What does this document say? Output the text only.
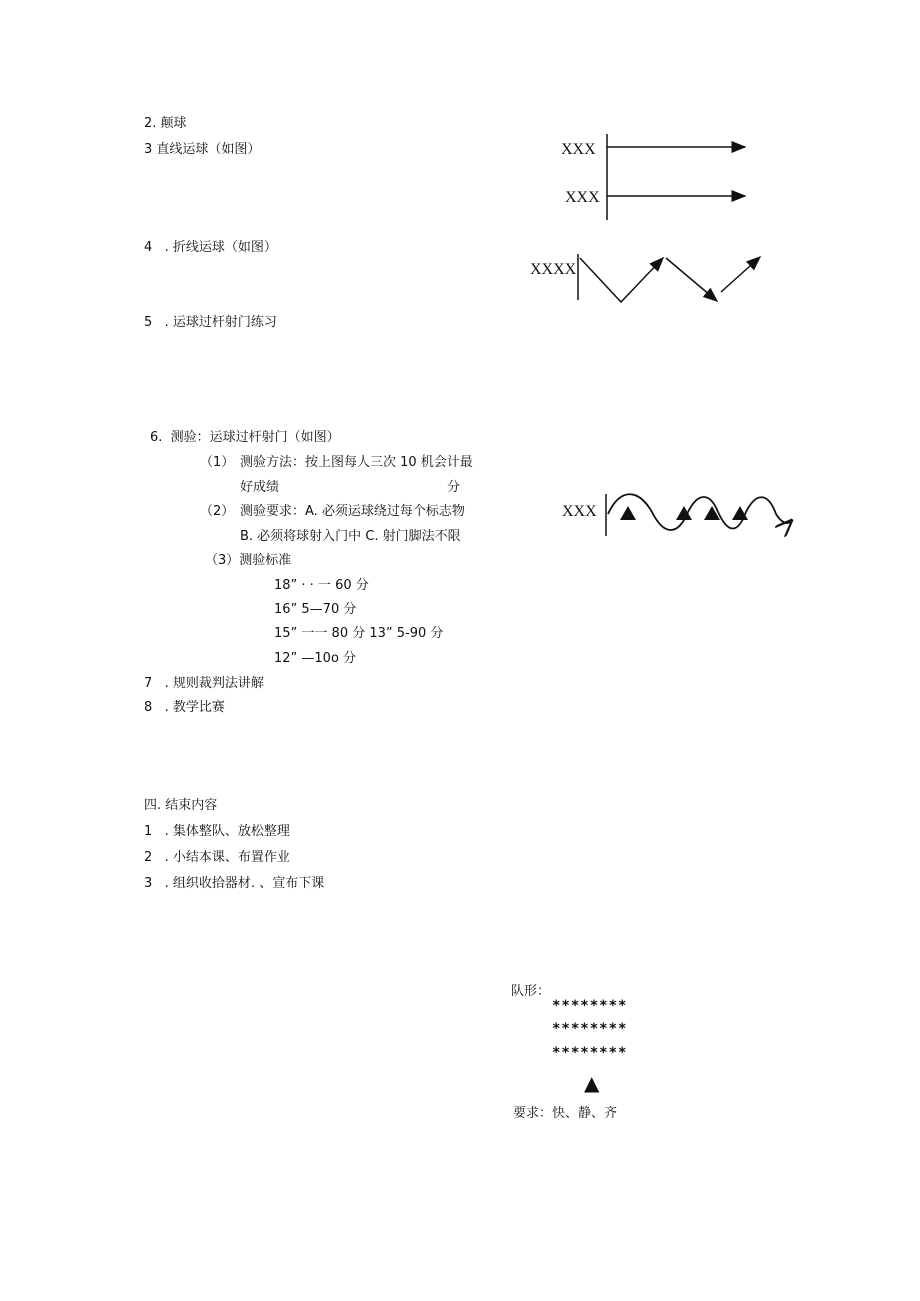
2. 颠球
3 直线运球（如图）
4   . 折线运球（如图）
5   . 运球过杆射门练习
XXX
XXX
XXXX
6.  测验：运球过杆射门（如图）
（1） 测验方法：按上图每人三次 10 机会计最
好成绩	分
（2） 测验要求：A. 必须运球绕过每个标志物
B. 必须将球射入门中 C. 射门脚法不限
（3）测验标准
18” · · 一 60 分
16” 5—70 分
15” 一一 80 分 13” 5-90 分
12” —10o 分
XXX
7   . 规则裁判法讲解
8   . 教学比赛
四. 结束内容
1   . 集体整队、放松整理
2   . 小结本课、布置作业
3   . 组织收拾器材. 、宣布下课
队形：
********
********
********
▲
要求：快、静、齐
